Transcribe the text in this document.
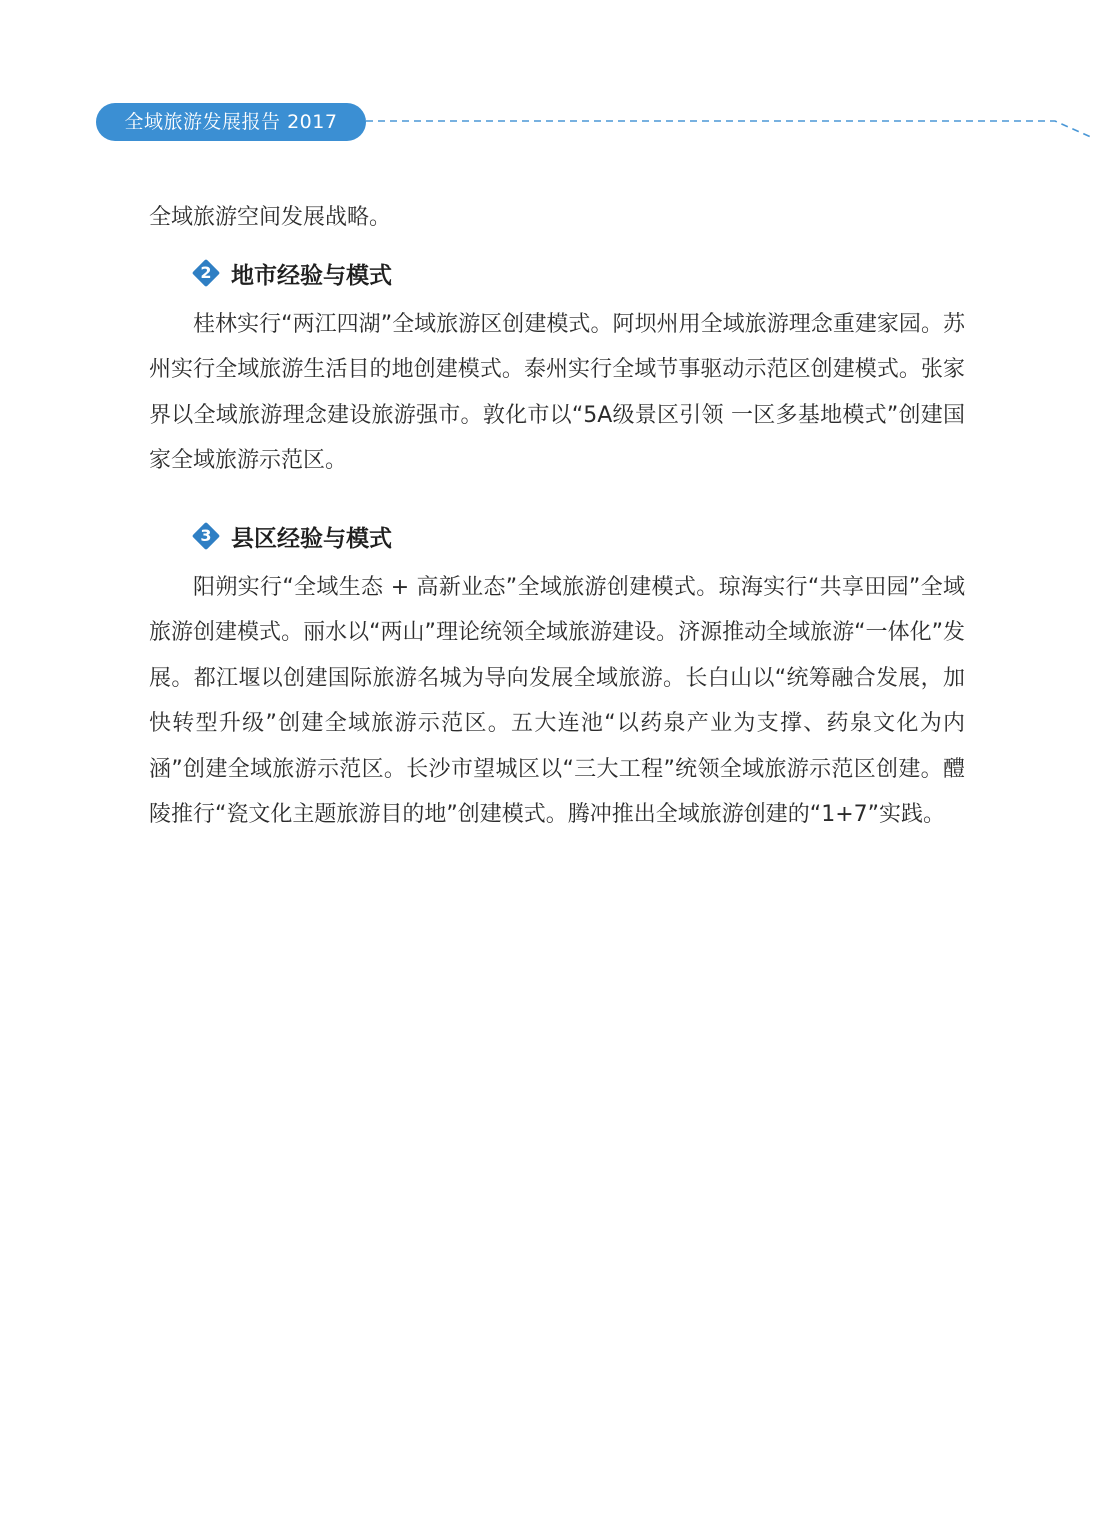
全域旅游发展报告 2017

全域旅游空间发展战略。

2 地市经验与模式

桂林实行“两江四湖”全域旅游区创建模式。阿坝州用全域旅游理念重建家园。苏州实行全域旅游生活目的地创建模式。泰州实行全域节事驱动示范区创建模式。张家界以全域旅游理念建设旅游强市。敦化市以“5A级景区引领 一区多基地模式”创建国家全域旅游示范区。

3 县区经验与模式

阳朔实行“全域生态 + 高新业态”全域旅游创建模式。琼海实行“共享田园”全域旅游创建模式。丽水以“两山”理论统领全域旅游建设。济源推动全域旅游“一体化”发展。都江堰以创建国际旅游名城为导向发展全域旅游。长白山以“统筹融合发展，加快转型升级”创建全域旅游示范区。五大连池“以药泉产业为支撑、药泉文化为内涵”创建全域旅游示范区。长沙市望城区以“三大工程”统领全域旅游示范区创建。醴陵推行“瓷文化主题旅游目的地”创建模式。腾冲推出全域旅游创建的“1+7”实践。
